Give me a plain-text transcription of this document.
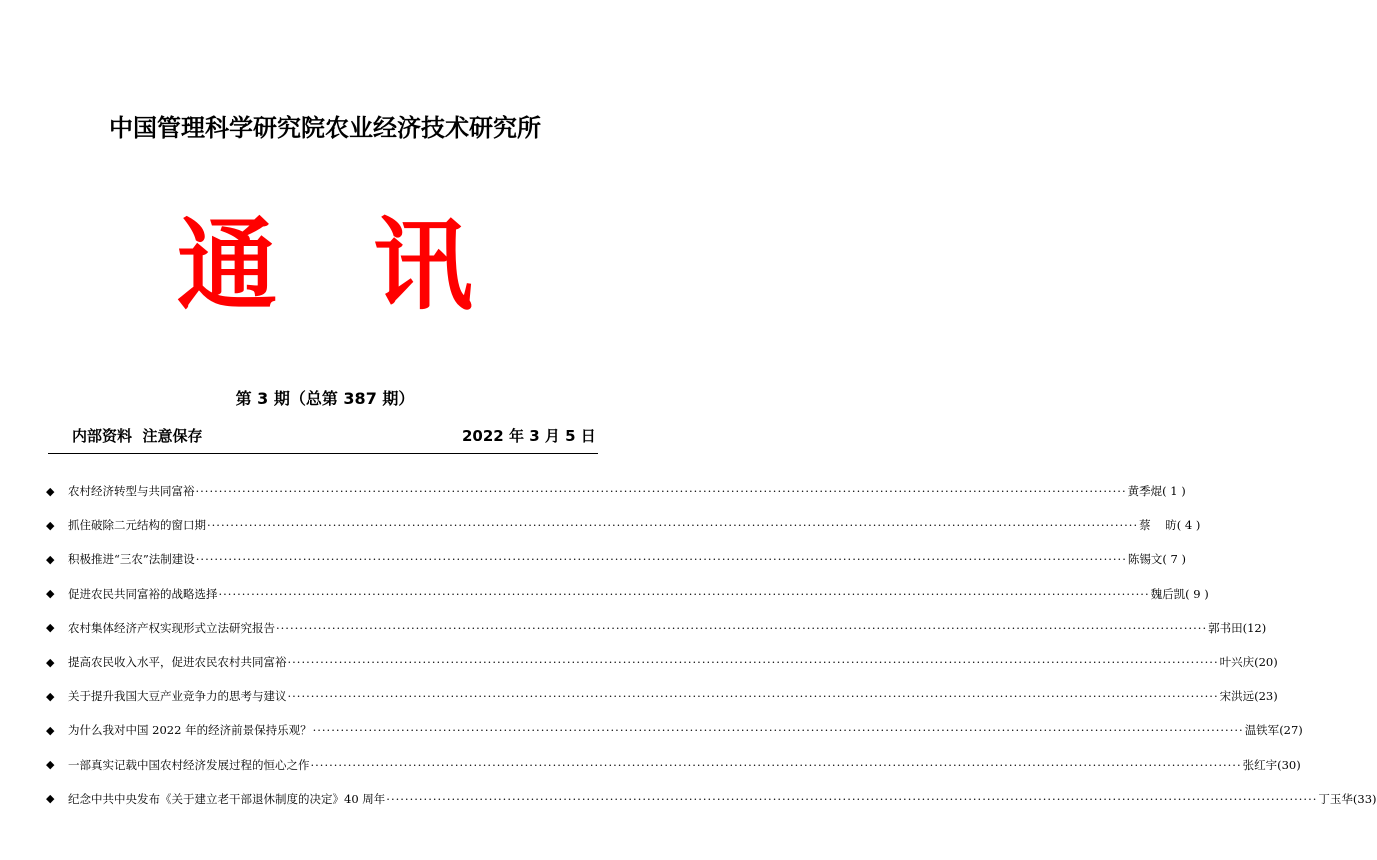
中国管理科学研究院农业经济技术研究所
通 讯
第 3 期（总第 387 期）
内部资料  注意保存	2022 年 3 月 5 日
◆	农村经济转型与共同富裕 ········································································································································································································ 黄季焜 ( 1 )
◆	抓住破除二元结构的窗口期 ········································································································································································································ 蔡    昉 ( 4 )
◆	积极推进“三农”法制建设 ········································································································································································································ 陈锡文 ( 7 )
◆	促进农民共同富裕的战略选择 ········································································································································································································ 魏后凯 ( 9 )
◆	农村集体经济产权实现形式立法研究报告 ········································································································································································································ 郭书田 (12)
◆	提高农民收入水平，促进农民农村共同富裕 ········································································································································································································ 叶兴庆 (20)
◆	关于提升我国大豆产业竞争力的思考与建议 ········································································································································································································ 宋洪远 (23)
◆	为什么我对中国 2022 年的经济前景保持乐观？ ········································································································································································································ 温铁军 (27)
◆	一部真实记载中国农村经济发展过程的恒心之作 ········································································································································································································ 张红宇 (30)
◆	纪念中共中央发布《关于建立老干部退休制度的决定》40 周年 ········································································································································································································ 丁玉华 (33)
